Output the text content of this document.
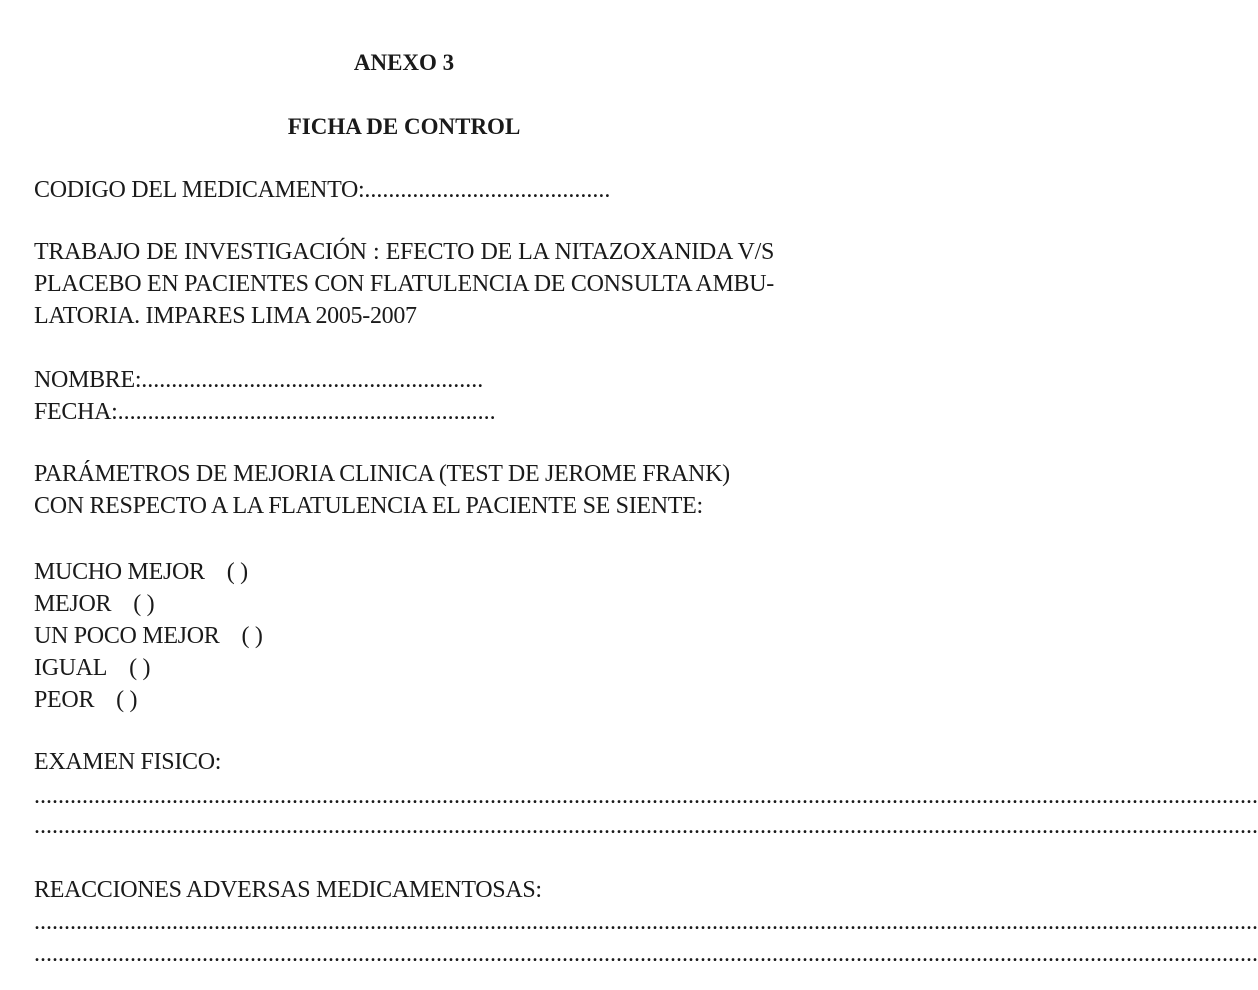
ANEXO 3
FICHA DE CONTROL
CODIGO DEL MEDICAMENTO:.........................................
TRABAJO DE INVESTIGACIÓN : EFECTO DE LA NITAZOXANIDA V/S
PLACEBO EN PACIENTES CON FLATULENCIA DE CONSULTA AMBU-
LATORIA. IMPARES LIMA 2005-2007
NOMBRE:.........................................................
FECHA:...............................................................
PARÁMETROS DE MEJORIA CLINICA (TEST DE JEROME FRANK)
CON RESPECTO A LA FLATULENCIA EL PACIENTE SE SIENTE:
MUCHO MEJOR ( )
MEJOR ( )
UN POCO MEJOR ( )
IGUAL ( )
PEOR ( )
EXAMEN FISICO:
............................................................................................................................................................................................................
............................................................................................................................................................................................................
REACCIONES ADVERSAS MEDICAMENTOSAS:
............................................................................................................................................................................................................
............................................................................................................................................................................................................
